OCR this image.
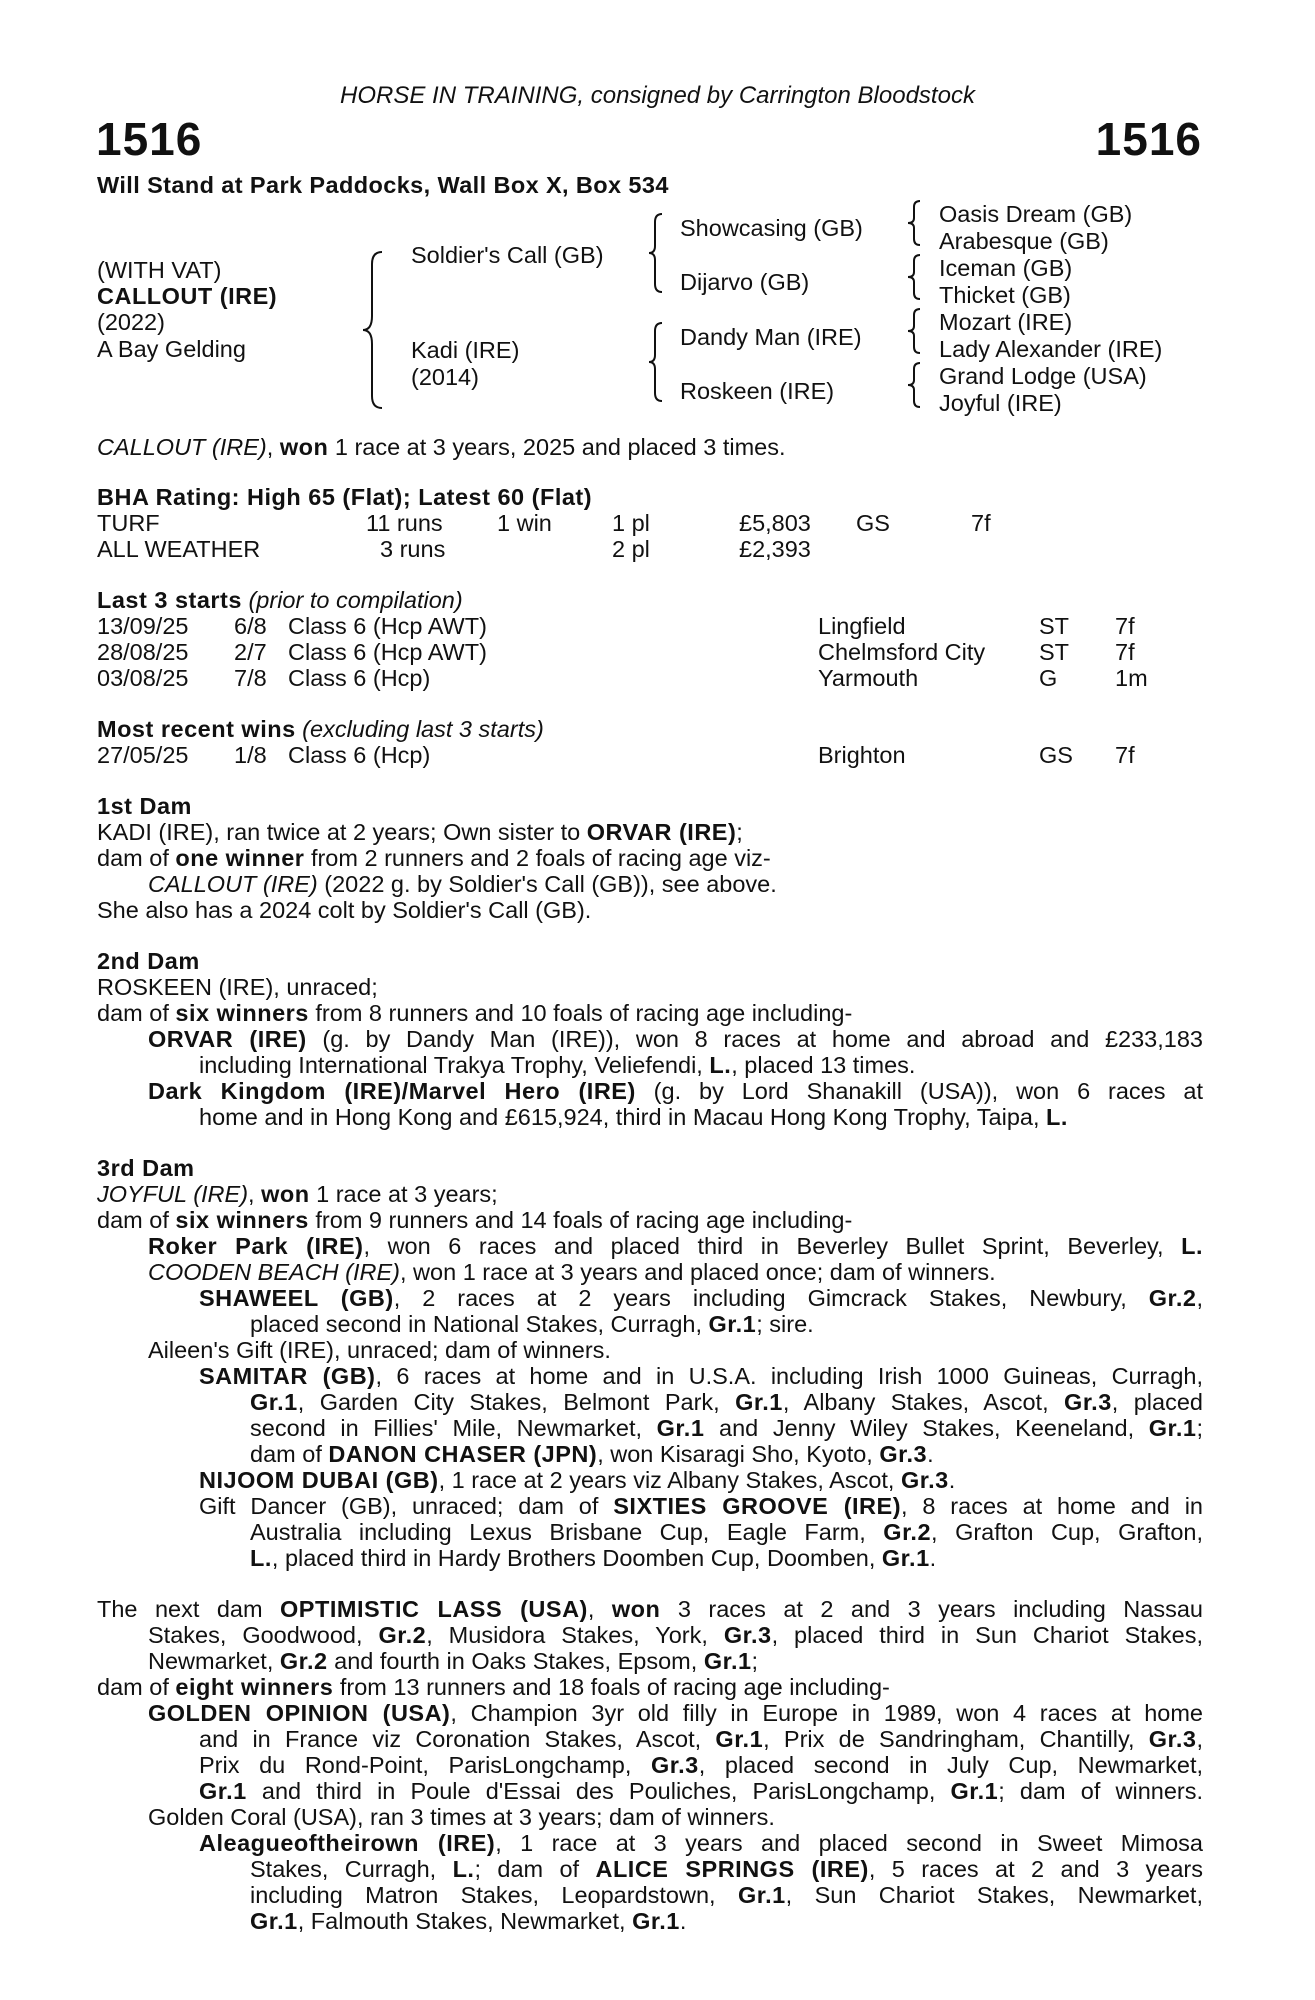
HORSE IN TRAINING, consigned by Carrington Bloodstock
1516	1516
Will Stand at Park Paddocks, Wall Box X, Box 534
(WITH VAT)
CALLOUT (IRE)
(2022)
A Bay Gelding
Soldier's Call (GB)
Kadi (IRE)
(2014)
Showcasing (GB)
Dijarvo (GB)
Dandy Man (IRE)
Roskeen (IRE)
Oasis Dream (GB)
Arabesque (GB)
Iceman (GB)
Thicket (GB)
Mozart (IRE)
Lady Alexander (IRE)
Grand Lodge (USA)
Joyful (IRE)
CALLOUT (IRE), won 1 race at 3 years, 2025 and placed 3 times.
BHA Rating: High 65 (Flat); Latest 60 (Flat)
TURF	11 runs 1 win	1 pl	£5,803 GS	7f
ALL WEATHER	3 runs	2 pl	£2,393
Last 3 starts (prior to compilation)
13/09/25 6/8 Class 6 (Hcp AWT)	Lingfield	ST 7f
28/08/25 2/7 Class 6 (Hcp AWT)	Chelmsford City ST 7f
03/08/25 7/8 Class 6 (Hcp)	Yarmouth	G 1m
Most recent wins (excluding last 3 starts)
27/05/25 1/8 Class 6 (Hcp)	Brighton	GS 7f
1st Dam
KADI (IRE), ran twice at 2 years; Own sister to ORVAR (IRE);
dam of one winner from 2 runners and 2 foals of racing age viz-
CALLOUT (IRE) (2022 g. by Soldier's Call (GB)), see above.
She also has a 2024 colt by Soldier's Call (GB).
2nd Dam
ROSKEEN (IRE), unraced;
dam of six winners from 8 runners and 10 foals of racing age including-
ORVAR (IRE) (g. by Dandy Man (IRE)), won 8 races at home and abroad and £233,183
including International Trakya Trophy, Veliefendi, L., placed 13 times.
Dark Kingdom (IRE)/Marvel Hero (IRE) (g. by Lord Shanakill (USA)), won 6 races at
home and in Hong Kong and £615,924, third in Macau Hong Kong Trophy, Taipa, L.
3rd Dam
JOYFUL (IRE), won 1 race at 3 years;
dam of six winners from 9 runners and 14 foals of racing age including-
Roker Park (IRE), won 6 races and placed third in Beverley Bullet Sprint, Beverley, L.
COODEN BEACH (IRE), won 1 race at 3 years and placed once; dam of winners.
SHAWEEL (GB), 2 races at 2 years including Gimcrack Stakes, Newbury, Gr.2,
placed second in National Stakes, Curragh, Gr.1; sire.
Aileen's Gift (IRE), unraced; dam of winners.
SAMITAR (GB), 6 races at home and in U.S.A. including Irish 1000 Guineas, Curragh,
Gr.1, Garden City Stakes, Belmont Park, Gr.1, Albany Stakes, Ascot, Gr.3, placed
second in Fillies' Mile, Newmarket, Gr.1 and Jenny Wiley Stakes, Keeneland, Gr.1;
dam of DANON CHASER (JPN), won Kisaragi Sho, Kyoto, Gr.3.
NIJOOM DUBAI (GB), 1 race at 2 years viz Albany Stakes, Ascot, Gr.3.
Gift Dancer (GB), unraced; dam of SIXTIES GROOVE (IRE), 8 races at home and in
Australia including Lexus Brisbane Cup, Eagle Farm, Gr.2, Grafton Cup, Grafton,
L., placed third in Hardy Brothers Doomben Cup, Doomben, Gr.1.
The next dam OPTIMISTIC LASS (USA), won 3 races at 2 and 3 years including Nassau
Stakes, Goodwood, Gr.2, Musidora Stakes, York, Gr.3, placed third in Sun Chariot Stakes,
Newmarket, Gr.2 and fourth in Oaks Stakes, Epsom, Gr.1;
dam of eight winners from 13 runners and 18 foals of racing age including-
GOLDEN OPINION (USA), Champion 3yr old filly in Europe in 1989, won 4 races at home
and in France viz Coronation Stakes, Ascot, Gr.1, Prix de Sandringham, Chantilly, Gr.3,
Prix du Rond-Point, ParisLongchamp, Gr.3, placed second in July Cup, Newmarket,
Gr.1 and third in Poule d'Essai des Pouliches, ParisLongchamp, Gr.1; dam of winners.
Golden Coral (USA), ran 3 times at 3 years; dam of winners.
Aleagueoftheirown (IRE), 1 race at 3 years and placed second in Sweet Mimosa
Stakes, Curragh, L.; dam of ALICE SPRINGS (IRE), 5 races at 2 and 3 years
including Matron Stakes, Leopardstown, Gr.1, Sun Chariot Stakes, Newmarket,
Gr.1, Falmouth Stakes, Newmarket, Gr.1.
